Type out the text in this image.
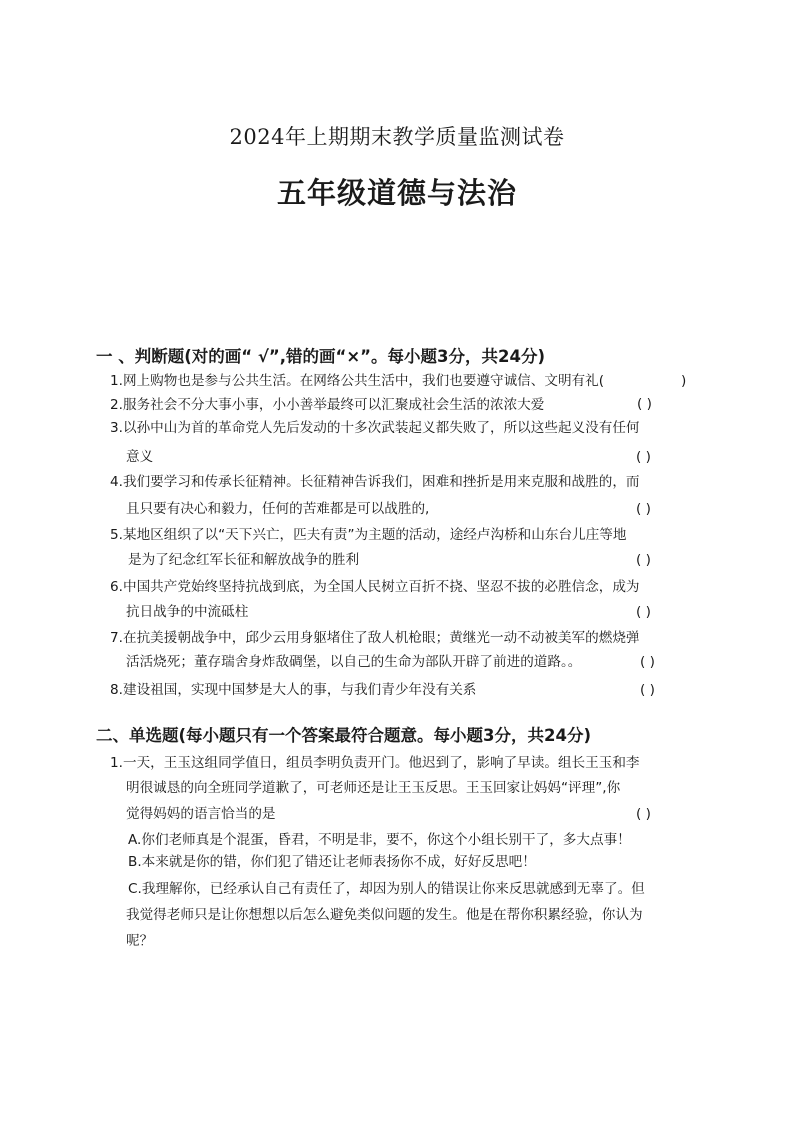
2024年上期期末教学质量监测试卷
五年级道德与法治
一 、判断题(对的画“ √”,错的画“×”。每小题3分，共24分)
1.网上购物也是参与公共生活。在网络公共生活中，我们也要遵守诚信、文明有礼(	)
2.服务社会不分大事小事，小小善举最终可以汇聚成社会生活的浓浓大爱	( )
3.以孙中山为首的革命党人先后发动的十多次武装起义都失败了，所以这些起义没有任何
意义	( )
4.我们要学习和传承长征精神。长征精神告诉我们，困难和挫折是用来克服和战胜的，而
且只要有决心和毅力，任何的苦难都是可以战胜的,	( )
5.某地区组织了以“天下兴亡，匹夫有责”为主题的活动，途经卢沟桥和山东台儿庄等地
是为了纪念红军长征和解放战争的胜利	( )
6.中国共产党始终坚持抗战到底，为全国人民树立百折不挠、坚忍不拔的必胜信念，成为
抗日战争的中流砥柱	( )
7.在抗美援朝战争中，邱少云用身躯堵住了敌人机枪眼；黄继光一动不动被美军的燃烧弹
活活烧死；董存瑞舍身炸敌碉堡，以自己的生命为部队开辟了前进的道路。。	( )
8.建设祖国，实现中国梦是大人的事，与我们青少年没有关系	( )
二、单选题(每小题只有一个答案最符合题意。每小题3分，共24分)
1.一天，王玉这组同学值日，组员李明负责开门。他迟到了，影响了早读。组长王玉和李
明很诚恳的向全班同学道歉了，可老师还是让王玉反思。王玉回家让妈妈“评理”,你
觉得妈妈的语言恰当的是	( )
A.你们老师真是个混蛋，昏君，不明是非，要不，你这个小组长别干了，多大点事！
B.本来就是你的错，你们犯了错还让老师表扬你不成，好好反思吧！
C.我理解你，已经承认自己有责任了，却因为别人的错误让你来反思就感到无辜了。但
我觉得老师只是让你想想以后怎么避免类似问题的发生。他是在帮你积累经验，你认为
呢？
